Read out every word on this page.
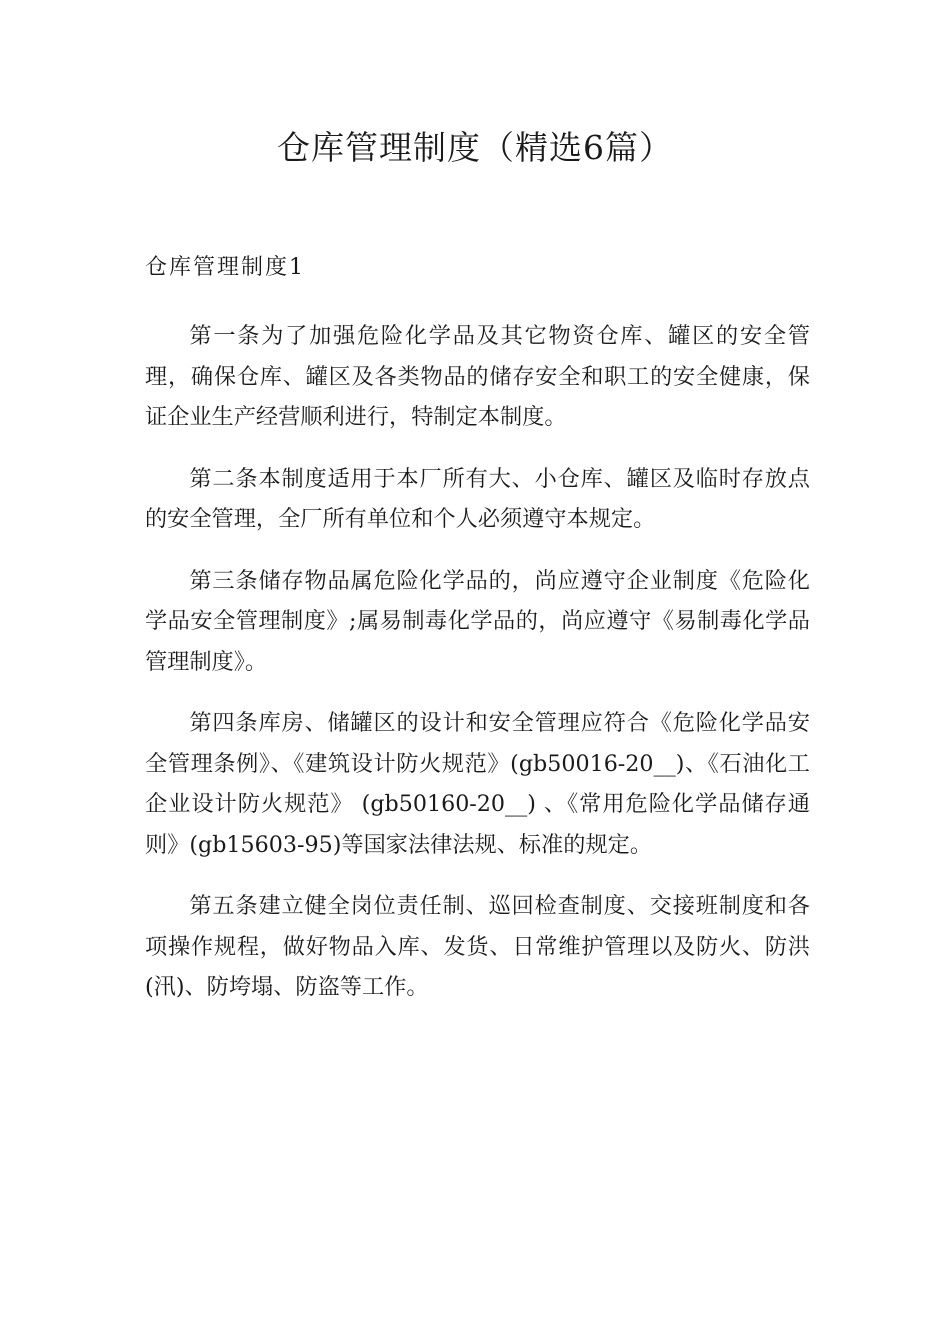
仓库管理制度（精选6篇）
仓库管理制度1

第一条为了加强危险化学品及其它物资仓库、罐区的安全管理，确保仓库、罐区及各类物品的储存安全和职工的安全健康，保证企业生产经营顺利进行，特制定本制度。

第二条本制度适用于本厂所有大、小仓库、罐区及临时存放点的安全管理，全厂所有单位和个人必须遵守本规定。

第三条储存物品属危险化学品的，尚应遵守企业制度《危险化学品安全管理制度》;属易制毒化学品的，尚应遵守《易制毒化学品管理制度》。

第四条库房、储罐区的设计和安全管理应符合《危险化学品安全管理条例》、《建筑设计防火规范》(gb50016-20__)、《石油化工企业设计防火规范》 (gb50160-20__) 、《常用危险化学品储存通则》(gb15603-95)等国家法律法规、标准的规定。

第五条建立健全岗位责任制、巡回检查制度、交接班制度和各项操作规程，做好物品入库、发货、日常维护管理以及防火、防洪(汛)、防垮塌、防盗等工作。
